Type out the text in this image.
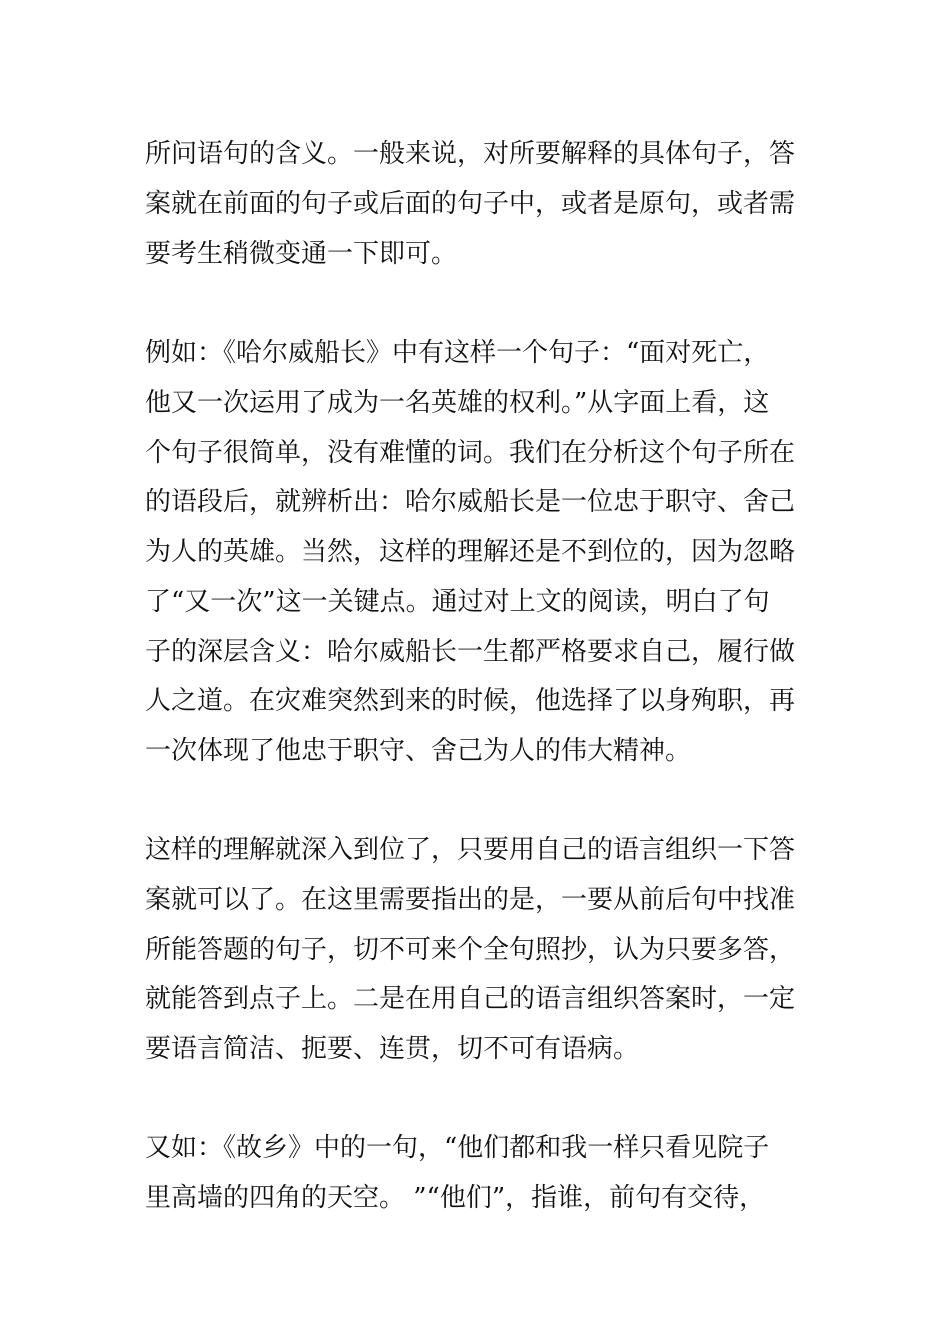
所问语句的含义。一般来说，对所要解释的具体句子，答
案就在前面的句子或后面的句子中，或者是原句，或者需
要考生稍微变通一下即可。
例如：《哈尔威船长》中有这样一个句子：“面对死亡，
他又一次运用了成为一名英雄的权利。”从字面上看，这
个句子很简单，没有难懂的词。我们在分析这个句子所在
的语段后，就辨析出：哈尔威船长是一位忠于职守、舍己
为人的英雄。当然，这样的理解还是不到位的，因为忽略
了“又一次”这一关键点。通过对上文的阅读，明白了句
子的深层含义：哈尔威船长一生都严格要求自己，履行做
人之道。在灾难突然到来的时候，他选择了以身殉职，再
一次体现了他忠于职守、舍己为人的伟大精神。
这样的理解就深入到位了，只要用自己的语言组织一下答
案就可以了。在这里需要指出的是，一要从前后句中找准
所能答题的句子，切不可来个全句照抄，认为只要多答，
就能答到点子上。二是在用自己的语言组织答案时，一定
要语言简洁、扼要、连贯，切不可有语病。
又如：《故乡》中的一句，“他们都和我一样只看见院子
里高墙的四角的天空。 ”“他们”，指谁，前句有交待，
